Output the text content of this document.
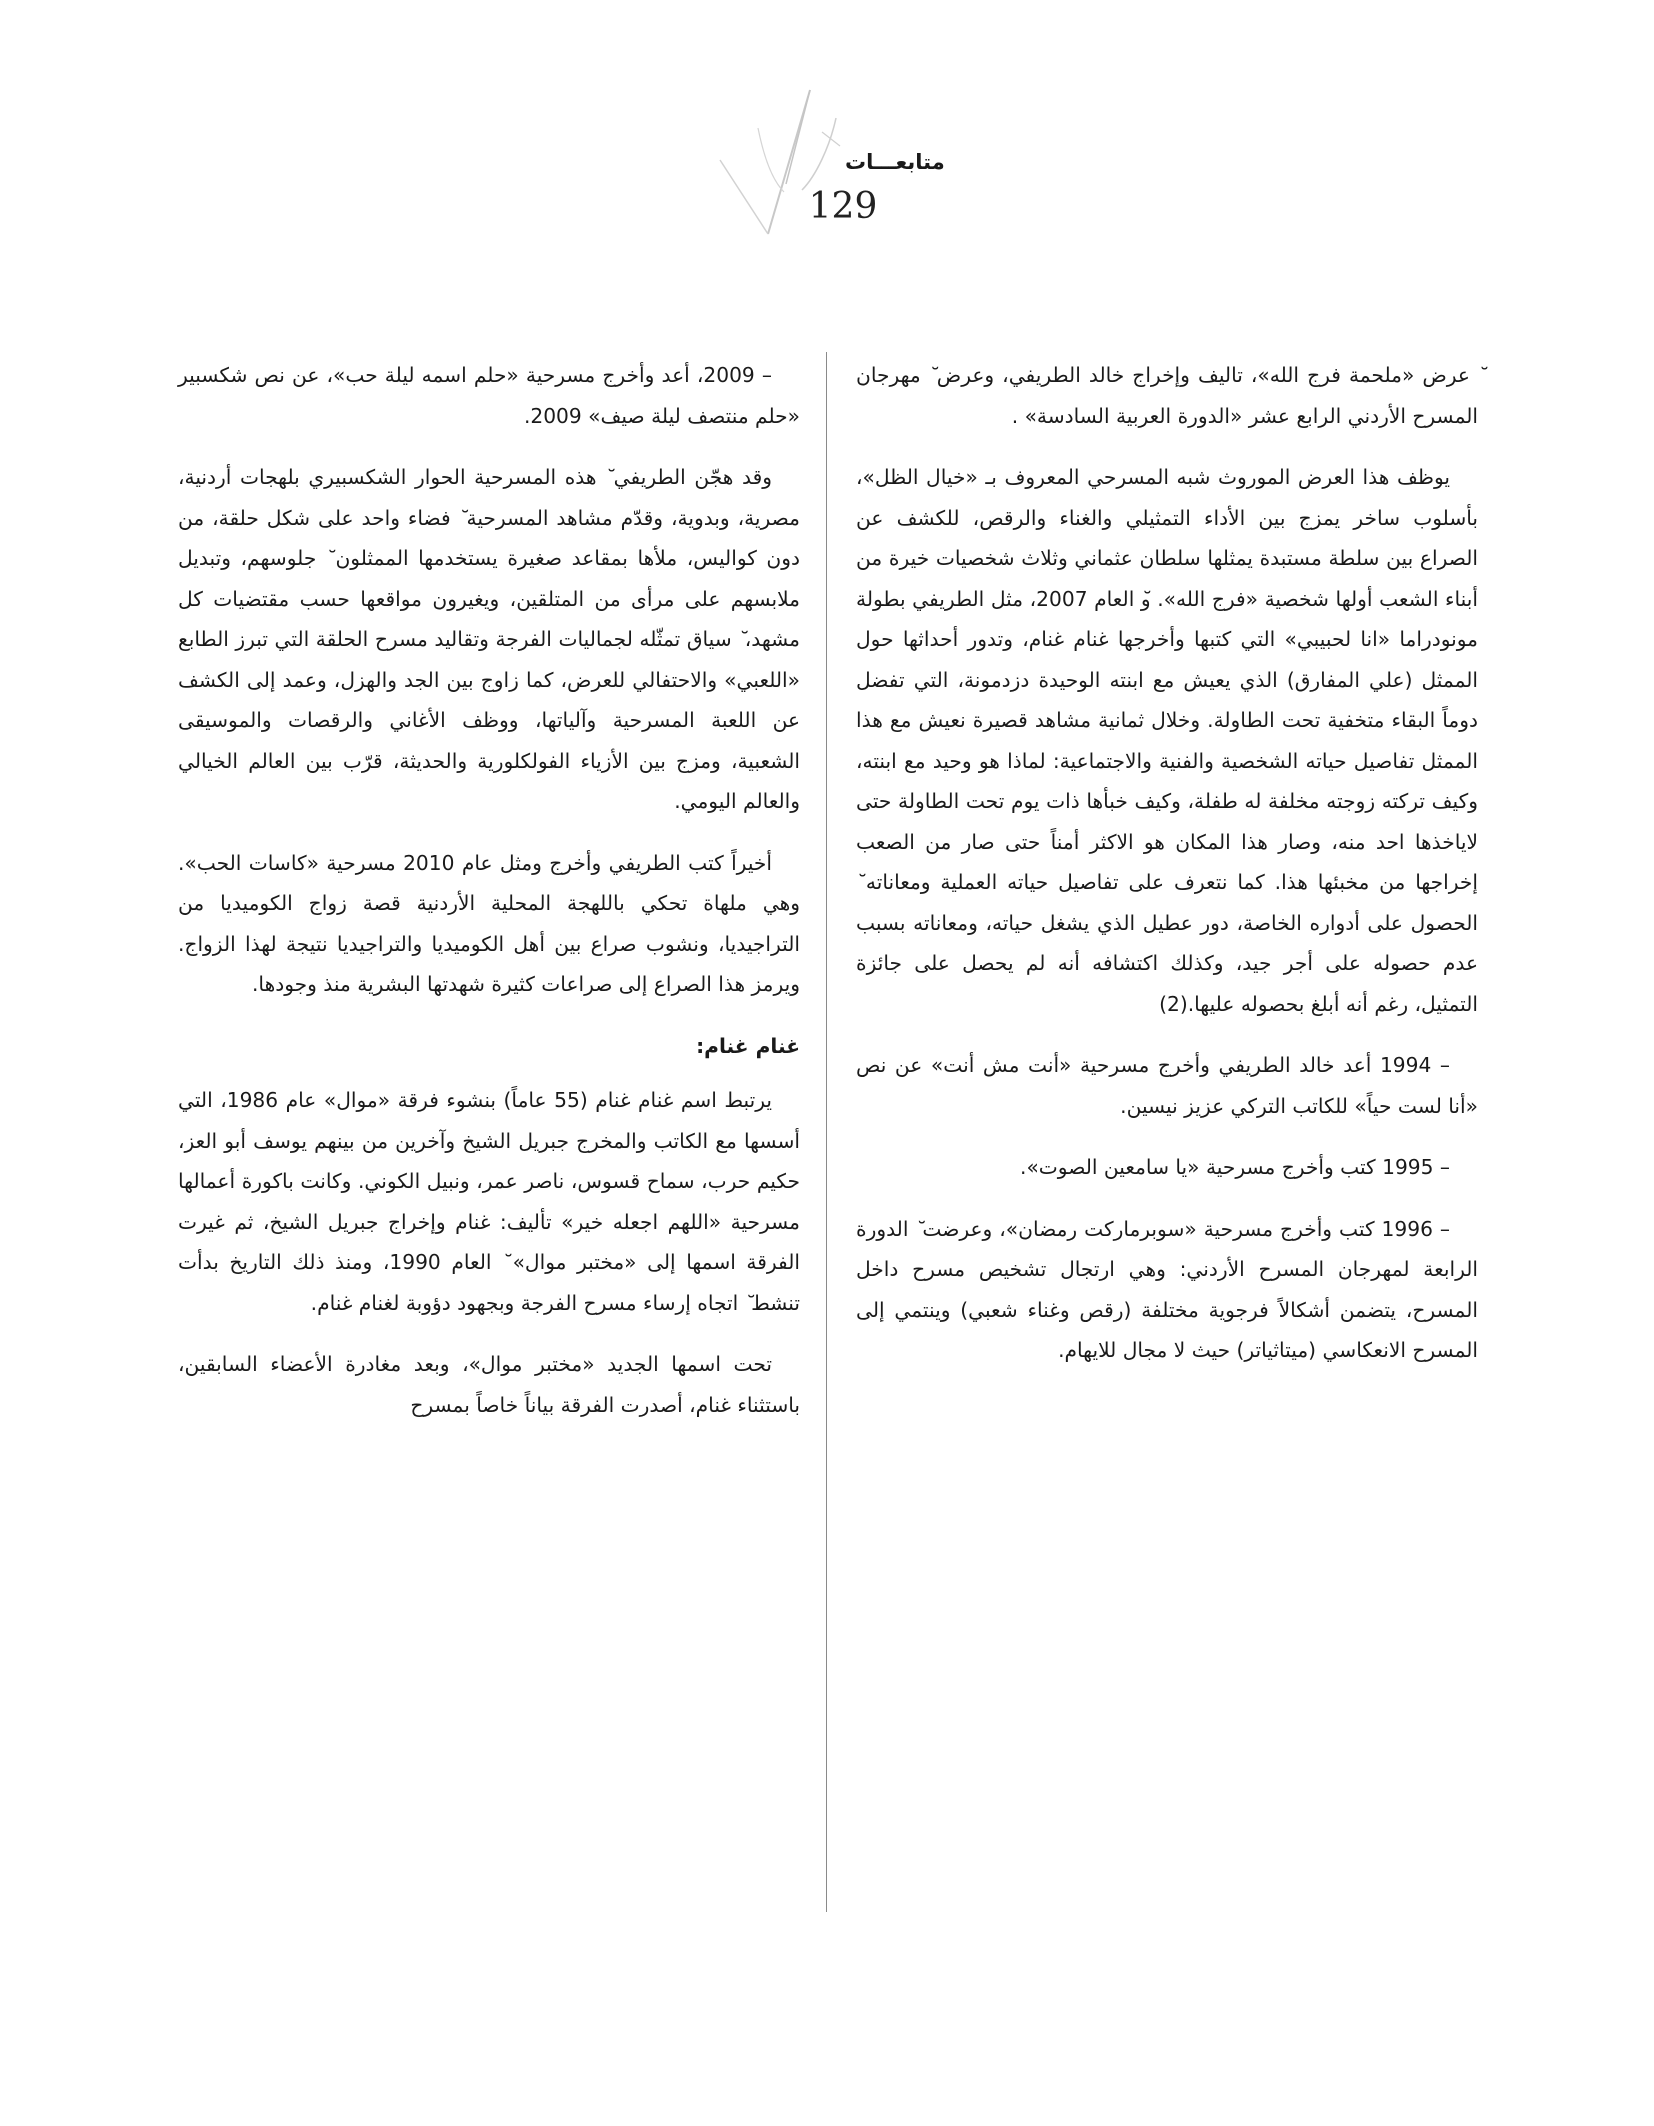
متابعـــات
129

ﬞ عرض «ملحمة فرج الله»، تاليف وإخراج خالد الطريفي، وعرض ﬞ مهرجان المسرح الأردني الرابع عشر «الدورة العربية السادسة» .

يوظف هذا العرض الموروث شبه المسرحي المعروف بـ «خيال الظل»، بأسلوب ساخر يمزج بين الأداء التمثيلي والغناء والرقص، للكشف عن الصراع بين سلطة مستبدة يمثلها سلطان عثماني وثلاث شخصيات خيرة من أبناء الشعب أولها شخصية «فرج الله». وﬞ العام 2007، مثل الطريفي بطولة مونودراما «انا لحبيبي» التي كتبها وأخرجها غنام غنام، وتدور أحداثها حول الممثل (علي المفارق) الذي يعيش مع ابنته الوحيدة دزدمونة، التي تفضل دوماً البقاء متخفية تحت الطاولة. وخلال ثمانية مشاهد قصيرة نعيش مع هذا الممثل تفاصيل حياته الشخصية والفنية والاجتماعية: لماذا هو وحيد مع ابنته، وكيف تركته زوجته مخلفة له طفلة، وكيف خبأها ذات يوم تحت الطاولة حتى لاياخذها احد منه، وصار هذا المكان هو الاكثر أمناً حتى صار من الصعب إخراجها من مخبئها هذا. كما نتعرف على تفاصيل حياته العملية ومعاناته ﬞ الحصول على أدواره الخاصة، دور عطيل الذي يشغل حياته، ومعاناته بسبب عدم حصوله على أجر جيد، وكذلك اكتشافه أنه لم يحصل على جائزة التمثيل، رغم أنه أبلغ بحصوله عليها.(2)

– 1994 أعد خالد الطريفي وأخرج مسرحية «أنت مش أنت» عن نص «أنا لست حياً» للكاتب التركي عزيز نيسين.

– 1995 كتب وأخرج مسرحية «يا سامعين الصوت».

– 1996 كتب وأخرج مسرحية «سوبرماركت رمضان»، وعرضت ﬞ الدورة الرابعة لمهرجان المسرح الأردني: وهي ارتجال تشخيص مسرح داخل المسرح، يتضمن أشكالاً فرجوية مختلفة (رقص وغناء شعبي) وينتمي إلى المسرح الانعكاسي (ميتاثياتر) حيث لا مجال للايهام.

– 2009، أعد وأخرج مسرحية «حلم اسمه ليلة حب»، عن نص شكسبير «حلم منتصف ليلة صيف» 2009.

وقد هجّن الطريفي ﬞ هذه المسرحية الحوار الشكسبيري بلهجات أردنية، مصرية، وبدوية، وقدّم مشاهد المسرحية ﬞ فضاء واحد على شكل حلقة، من دون كواليس، ملأها بمقاعد صغيرة يستخدمها الممثلون ﬞ جلوسهم، وتبديل ملابسهم على مرأى من المتلقين، ويغيرون مواقعها حسب مقتضيات كل مشهد، ﬞ سياق تمثّله لجماليات الفرجة وتقاليد مسرح الحلقة التي تبرز الطابع «اللعبي» والاحتفالي للعرض، كما زاوج بين الجد والهزل، وعمد إلى الكشف عن اللعبة المسرحية وآلياتها، ووظف الأغاني والرقصات والموسيقى الشعبية، ومزج بين الأزياء الفولكلورية والحديثة، قرّب بين العالم الخيالي والعالم اليومي.

أخيراً كتب الطريفي وأخرج ومثل عام 2010 مسرحية «كاسات الحب». وهي ملهاة تحكي باللهجة المحلية الأردنية قصة زواج الكوميديا من التراجيديا، ونشوب صراع بين أهل الكوميديا والتراجيديا نتيجة لهذا الزواج. ويرمز هذا الصراع إلى صراعات كثيرة شهدتها البشرية منذ وجودها.

غنام غنام:

يرتبط اسم غنام غنام (55 عاماً) بنشوء فرقة «موال» عام 1986، التي أسسها مع الكاتب والمخرج جبريل الشيخ وآخرين من بينهم يوسف أبو العز، حكيم حرب، سماح قسوس، ناصر عمر، ونبيل الكوني. وكانت باكورة أعمالها مسرحية «اللهم اجعله خير» تأليف: غنام وإخراج جبريل الشيخ، ثم غيرت الفرقة اسمها إلى «مختبر موال» ﬞ العام 1990، ومنذ ذلك التاريخ بدأت تنشط ﬞ اتجاه إرساء مسرح الفرجة وبجهود دؤوبة لغنام غنام.

تحت اسمها الجديد «مختبر موال»، وبعد مغادرة الأعضاء السابقين، باستثناء غنام، أصدرت الفرقة بياناً خاصاً بمسرح
